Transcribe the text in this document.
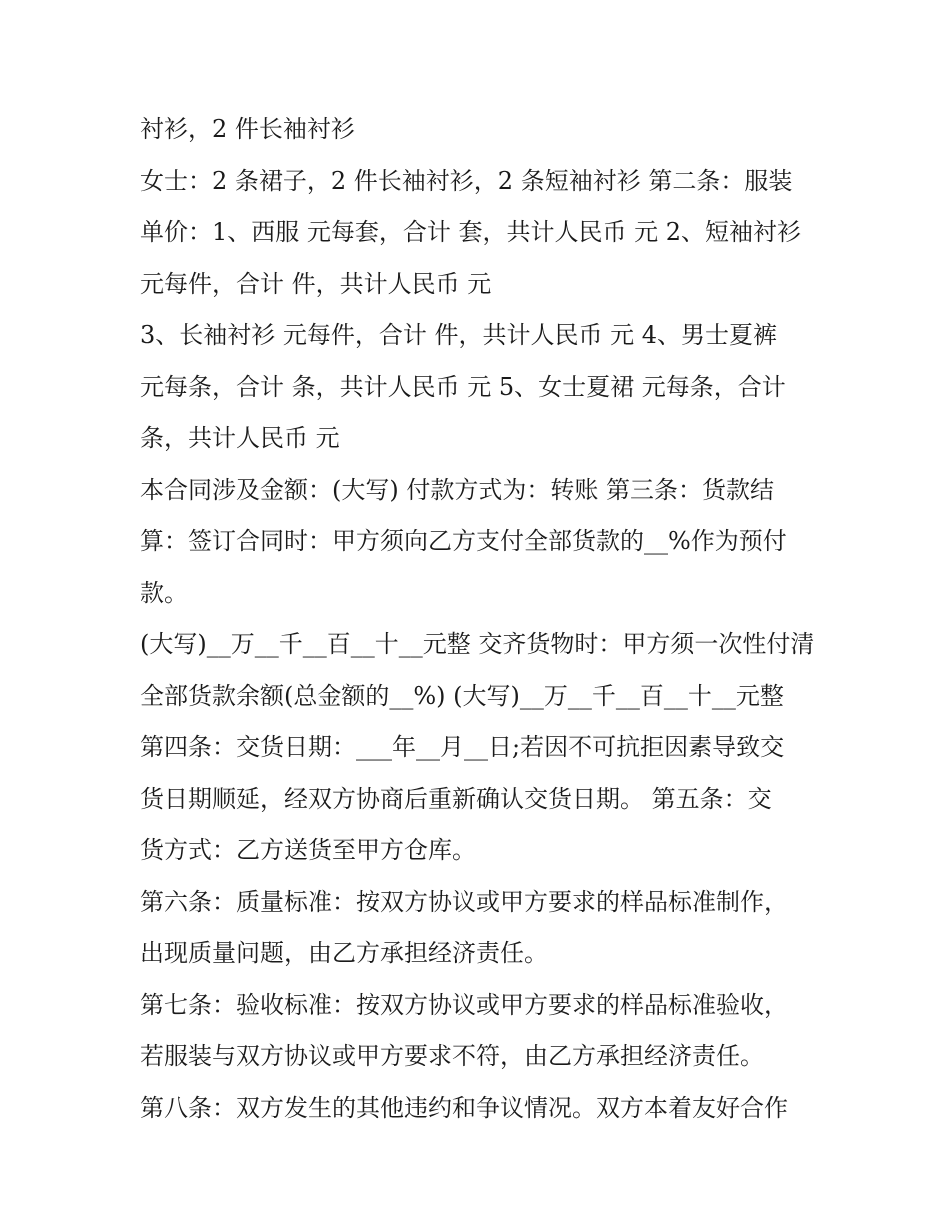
衬衫，2 件长袖衬衫
女士：2 条裙子，2 件长袖衬衫，2 条短袖衬衫 第二条：服装
单价：1、西服 元每套，合计 套，共计人民币 元 2、短袖衬衫
元每件，合计 件，共计人民币 元
3、长袖衬衫 元每件，合计 件，共计人民币 元 4、男士夏裤
元每条，合计 条，共计人民币 元 5、女士夏裙 元每条，合计
条，共计人民币 元
本合同涉及金额：(大写) 付款方式为：转账 第三条：货款结
算：签订合同时：甲方须向乙方支付全部货款的__%作为预付
款。
(大写)__万__千__百__十__元整 交齐货物时：甲方须一次性付清
全部货款余额(总金额的__%) (大写)__万__千__百__十__元整
第四条：交货日期：___年__月__日;若因不可抗拒因素导致交
货日期顺延，经双方协商后重新确认交货日期。 第五条：交
货方式：乙方送货至甲方仓库。
第六条：质量标准：按双方协议或甲方要求的样品标准制作，
出现质量问题，由乙方承担经济责任。
第七条：验收标准：按双方协议或甲方要求的样品标准验收，
若服装与双方协议或甲方要求不符，由乙方承担经济责任。
第八条：双方发生的其他违约和争议情况。双方本着友好合作
